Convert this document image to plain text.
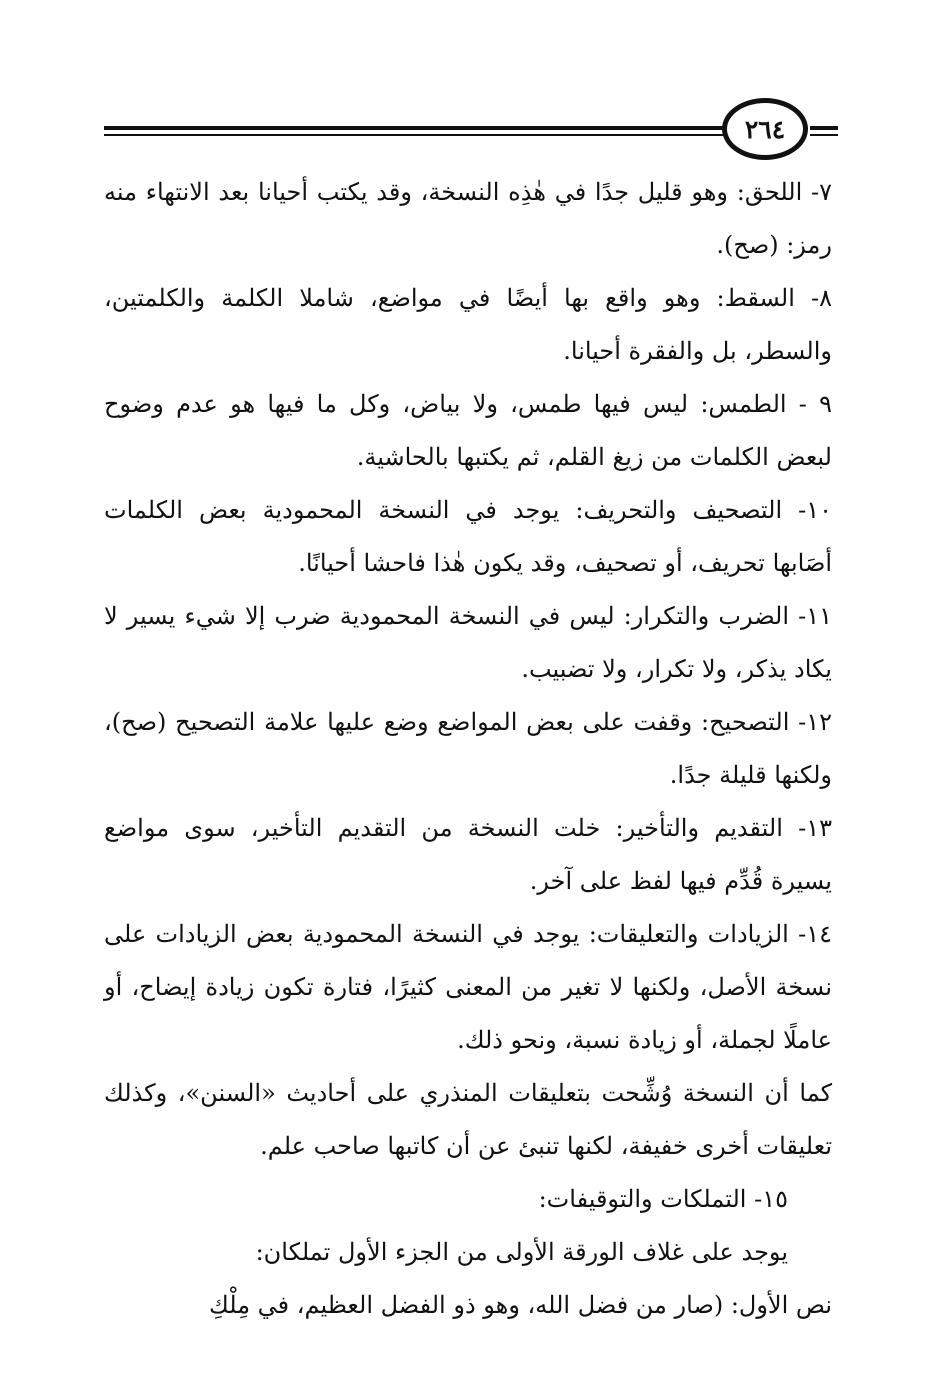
٢٦٤

٧- اللحق: وهو قليل جدًا في هٰذِه النسخة، وقد يكتب أحيانا بعد الانتهاء منه رمز: (صح).

٨- السقط: وهو واقع بها أيضًا في مواضع، شاملا الكلمة والكلمتين، والسطر، بل والفقرة أحيانا.

٩ - الطمس: ليس فيها طمس، ولا بياض، وكل ما فيها هو عدم وضوح لبعض الكلمات من زيغ القلم، ثم يكتبها بالحاشية.

١٠- التصحيف والتحريف: يوجد في النسخة المحمودية بعض الكلمات أصَابها تحريف، أو تصحيف، وقد يكون هٰذا فاحشا أحيانًا.

١١- الضرب والتكرار: ليس في النسخة المحمودية ضرب إلا شيء يسير لا يكاد يذكر، ولا تكرار، ولا تضبيب.

١٢- التصحيح: وقفت على بعض المواضع وضع عليها علامة التصحيح (صح)، ولكنها قليلة جدًا.

١٣- التقديم والتأخير: خلت النسخة من التقديم التأخير، سوى مواضع يسيرة قُدِّم فيها لفظ على آخر.

١٤- الزيادات والتعليقات: يوجد في النسخة المحمودية بعض الزيادات على نسخة الأصل، ولكنها لا تغير من المعنى كثيرًا، فتارة تكون زيادة إيضاح، أو عاملًا لجملة، أو زيادة نسبة، ونحو ذلك.

كما أن النسخة وُشِّحت بتعليقات المنذري على أحاديث «السنن»، وكذلك تعليقات أخرى خفيفة، لكنها تنبئ عن أن كاتبها صاحب علم.

١٥- التملكات والتوقيفات:

يوجد على غلاف الورقة الأولى من الجزء الأول تملكان:

نص الأول: (صار من فضل الله، وهو ذو الفضل العظيم، في مِلْكِ
